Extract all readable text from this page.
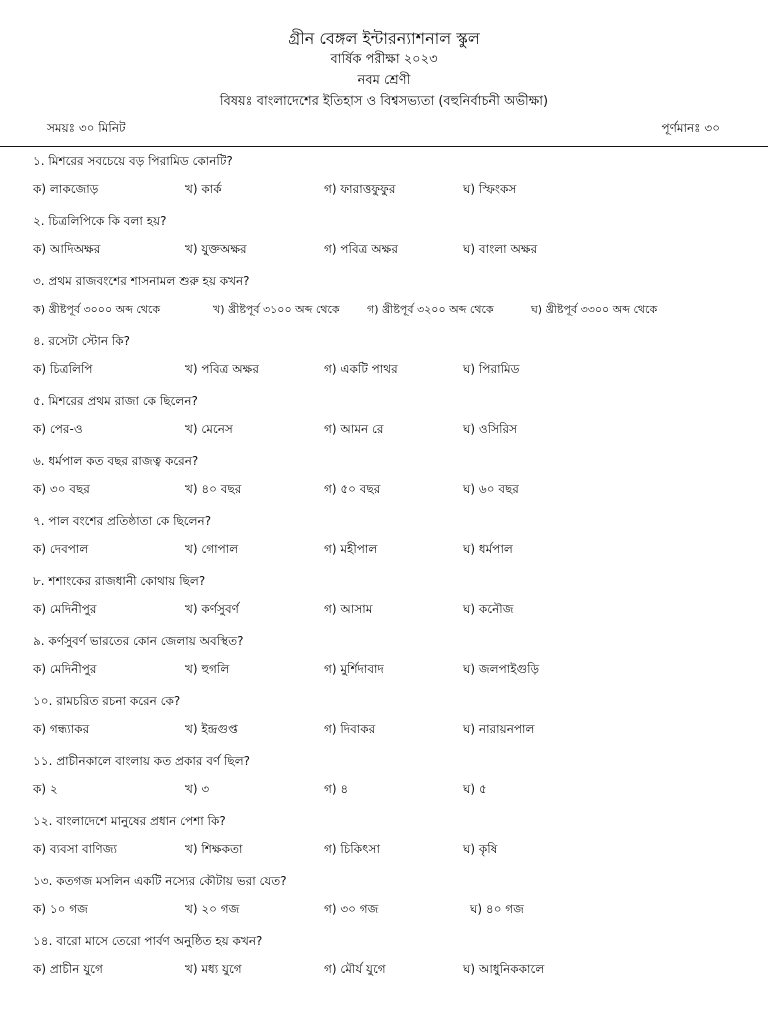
গ্রীন বেঙ্গল ইন্টারন্যাশনাল স্কুল
বার্ষিক পরীক্ষা ২০২৩
নবম শ্রেণী
বিষয়ঃ বাংলাদেশের ইতিহাস ও বিশ্বসভ্যতা (বহুনির্বাচনী অভীক্ষা)
সময়ঃ ৩০ মিনিট	পূর্ণমানঃ ৩০
১. মিশরের সবচেয়ে বড় পিরামিড কোনটি?
ক) লাকজোড়	খ) কার্ক	গ) ফারাত্তফুফুর	ঘ) স্ফিংকস
২. চিত্রলিপিকে কি বলা হয়?
ক) আদিঅক্ষর	খ) যুক্তঅক্ষর	গ) পবিত্র অক্ষর	ঘ) বাংলা অক্ষর
৩. প্রথম রাজবংশের শাসনামল শুরু হয় কখন?
ক) খ্রীষ্টপূর্ব ৩০০০ অব্দ থেকে	খ) খ্রীষ্টপূর্ব ৩১০০ অব্দ থেকে গ) খ্রীষ্টপূর্ব ৩২০০ অব্দ থেকে	ঘ) খ্রীষ্টপূর্ব ৩৩০০ অব্দ থেকে
৪. রসেটা স্টোন কি?
ক) চিত্রলিপি	খ) পবিত্র অক্ষর	গ) একটি পাথর	ঘ) পিরামিড
৫. মিশরের প্রথম রাজা কে ছিলেন?
ক) পের-ও	খ) মেনেস	গ) আমন রে	ঘ) ওসিরিস
৬. ধর্মপাল কত বছর রাজত্ব করেন?
ক) ৩০ বছর	খ) ৪০ বছর	গ) ৫০ বছর	ঘ) ৬০ বছর
৭. পাল বংশের প্রতিষ্ঠাতা কে ছিলেন?
ক) দেবপাল	খ) গোপাল	গ) মহীপাল	ঘ) ধর্মপাল
৮. শশাংকের রাজধানী কোথায় ছিল?
ক) মেদিনীপুর	খ) কর্ণসুবর্ণ	গ) আসাম	ঘ) কনৌজ
৯. কর্ণসুবর্ণ ভারতের কোন জেলায় অবস্থিত?
ক) মেদিনীপুর	খ) হুগলি	গ) মুর্শিদাবাদ	ঘ) জলপাইগুড়ি
১০. রামচরিত রচনা করেন কে?
ক) গন্ধ্যাকর	খ) ইন্দ্রগুপ্ত	গ) দিবাকর	ঘ) নারায়নপাল
১১. প্রাচীনকালে বাংলায় কত প্রকার বর্ণ ছিল?
ক) ২	খ) ৩	গ) ৪	ঘ) ৫
১২. বাংলাদেশে মানুষের প্রধান পেশা কি?
ক) ব্যবসা বাণিজ্য	খ) শিক্ষকতা	গ) চিকিৎসা	ঘ) কৃষি
১৩. কতগজ মসলিন একটি নস্যের কৌটায় ভরা যেত?
ক) ১০ গজ	খ) ২০ গজ	গ) ৩০ গজ	ঘ) ৪০ গজ
১৪. বারো মাসে তেরো পার্বণ অনুষ্ঠিত হয় কখন?
ক) প্রাচীন যুগে	খ) মধ্য যুগে	গ) মৌর্য যুগে	ঘ) আধুনিককালে
